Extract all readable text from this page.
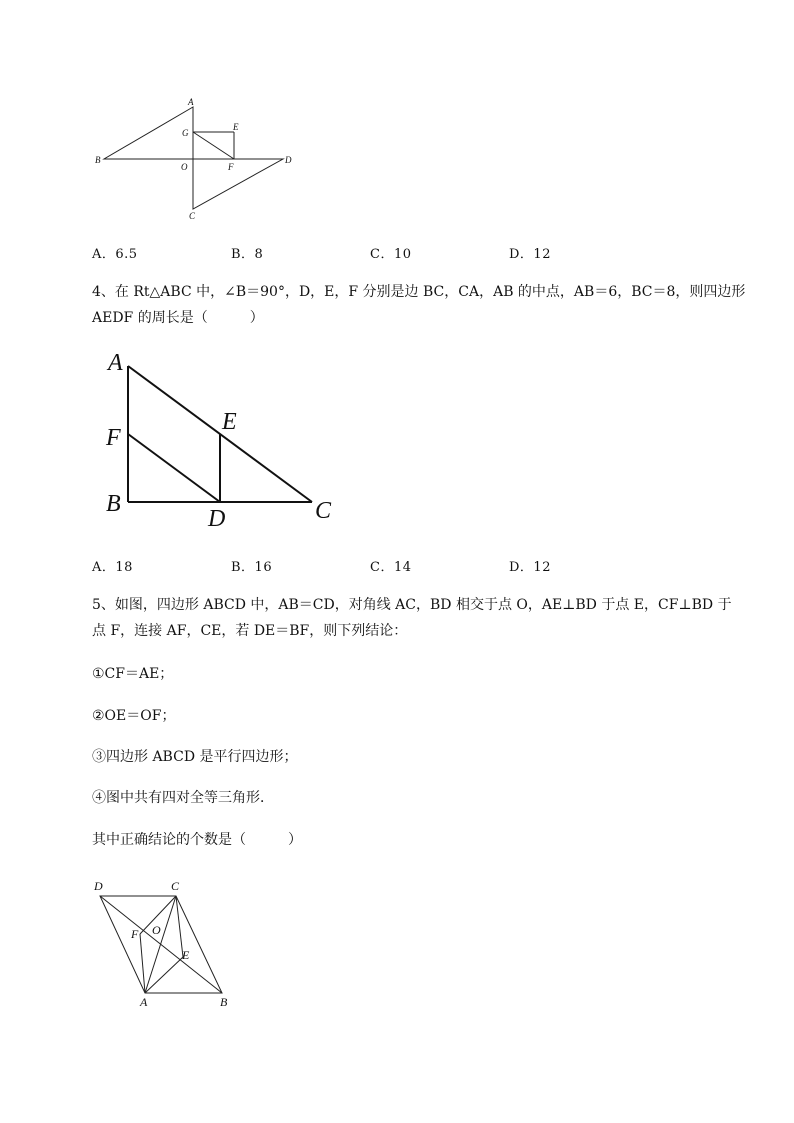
A
G
E
B
O	F
D
C
A．6.5	B．8	C．10	D．12
4、在 Rt△ABC 中，∠B＝90°，D，E，F 分别是边 BC，CA，AB 的中点，AB＝6，BC＝8，则四边形
AEDF 的周长是（　　　）
A
E
F
B
D	C
A．18	B．16	C．14	D．12
5、如图，四边形 ABCD 中，AB＝CD，对角线 AC，BD 相交于点 O，AE⊥BD 于点 E，CF⊥BD 于
点 F，连接 AF，CE，若 DE＝BF，则下列结论：
①CF＝AE；
②OE＝OF；
③四边形 ABCD 是平行四边形；
④图中共有四对全等三角形．
其中正确结论的个数是（　　　）
D	C
F O
E
A	B
